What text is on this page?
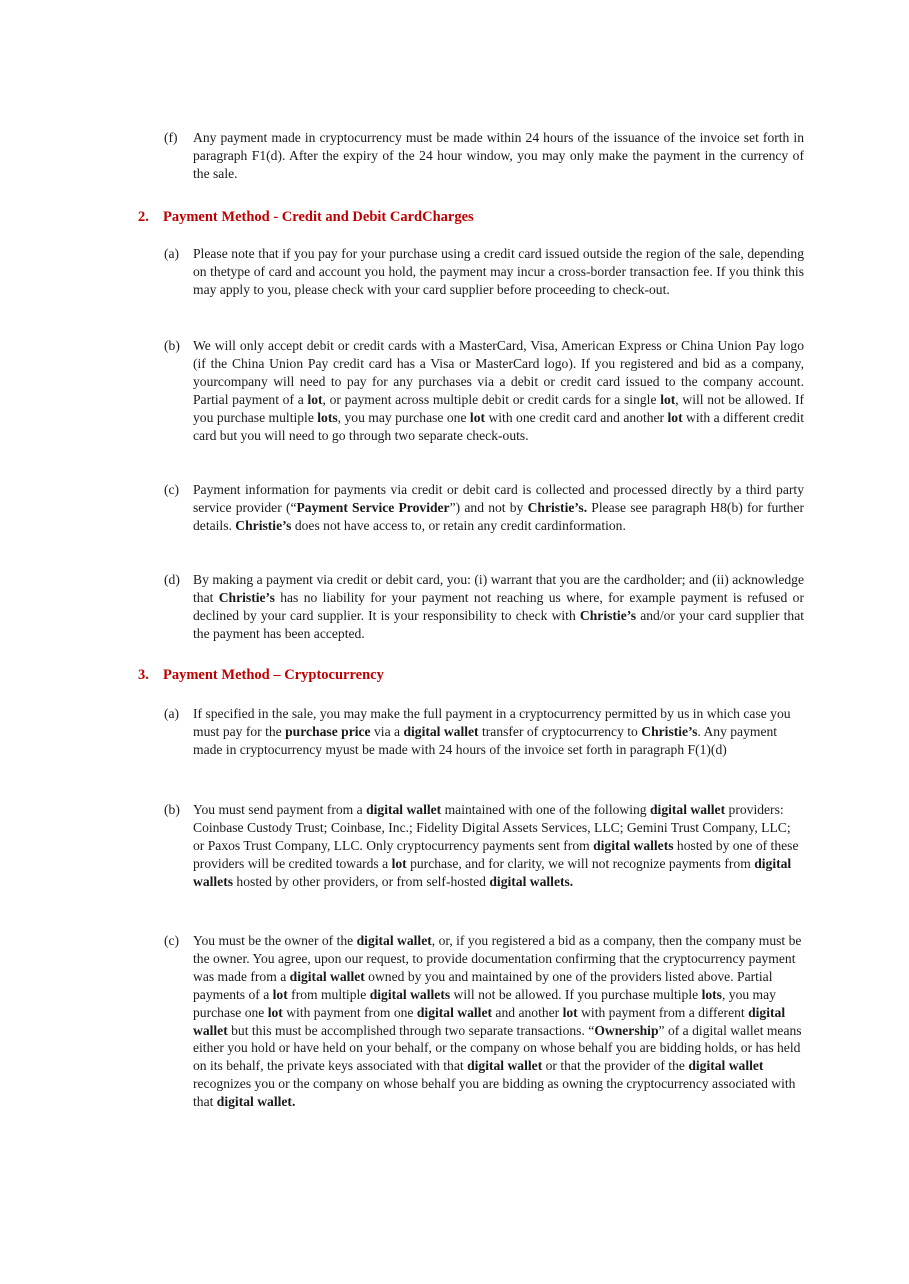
(f)	Any payment made in cryptocurrency must be made within 24 hours of the issuance of the invoice set forth in paragraph F1(d). After the expiry of the 24 hour window, you may only make the payment in the currency of the sale.
2. Payment Method - Credit and Debit CardCharges
(a)	Please note that if you pay for your purchase using a credit card issued outside the region of the sale, depending on thetype of card and account you hold, the payment may incur a cross-border transaction fee. If you think this may apply to you, please check with your card supplier before proceeding to check-out.
(b) We will only accept debit or credit cards with a MasterCard, Visa, American Express or China Union Pay logo (if the China Union Pay credit card has a Visa or MasterCard logo). If you registered and bid as a company, yourcompany will need to pay for any purchases via a debit or credit card issued to the company account. Partial payment of a lot, or payment across multiple debit or credit cards for a single lot, will not be allowed. If you purchase multiple lots, you may purchase one lot with one credit card and another lot with a different credit card but you will need to go through two separate check-outs.
(c)	Payment information for payments via credit or debit card is collected and processed directly by a third party service provider (“Payment Service Provider”) and not by Christie’s. Please see paragraph H8(b) for further details. Christie’s does not have access to, or retain any credit cardinformation.
(d) By making a payment via credit or debit card, you: (i) warrant that you are the cardholder; and (ii) acknowledge that Christie’s has no liability for your payment not reaching us where, for example payment is refused or declined by your card supplier. It is your responsibility to check with Christie’s and/or your card supplier that the payment has been accepted.
3. Payment Method – Cryptocurrency
(a)	If specified in the sale, you may make the full payment in a cryptocurrency permitted by us in which case you must pay for the purchase price via a digital wallet transfer of cryptocurrency to Christie’s. Any payment made in cryptocurrency myust be made with 24 hours of the invoice set forth in paragraph F(1)(d)
(b) You must send payment from a digital wallet maintained with one of the following digital wallet providers: Coinbase Custody Trust; Coinbase, Inc.; Fidelity Digital Assets Services, LLC; Gemini Trust Company, LLC; or Paxos Trust Company, LLC. Only cryptocurrency payments sent from digital wallets hosted by one of these providers will be credited towards a lot purchase, and for clarity, we will not recognize payments from digital wallets hosted by other providers, or from self-hosted digital wallets.
(c)	You must be the owner of the digital wallet, or, if you registered a bid as a company, then the company must be the owner. You agree, upon our request, to provide documentation confirming that the cryptocurrency payment was made from a digital wallet owned by you and maintained by one of the providers listed above. Partial payments of a lot from multiple digital wallets will not be allowed. If you purchase multiple lots, you may purchase one lot with payment from one digital wallet and another lot with payment from a different digital wallet but this must be accomplished through two separate transactions. “Ownership” of a digital wallet means either you hold or have held on your behalf, or the company on whose behalf you are bidding holds, or has held on its behalf, the private keys associated with that digital wallet or that the provider of the digital wallet recognizes you or the company on whose behalf you are bidding as owning the cryptocurrency associated with that digital wallet.
